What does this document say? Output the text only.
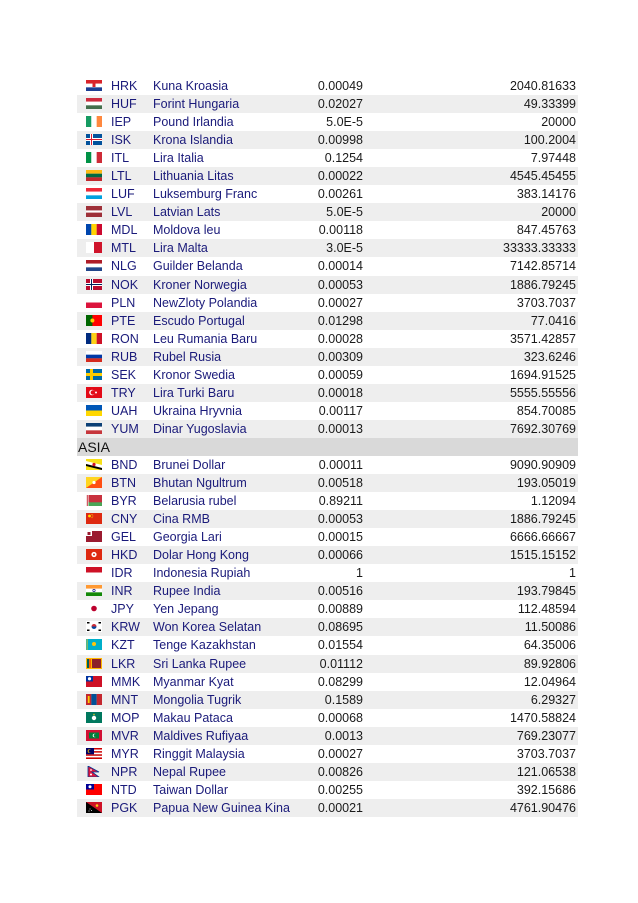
HRK Kuna Kroasia	0.00049	2040.81633
HUF Forint Hungaria	0.02027	49.33399
IEP Pound Irlandia	5.0E-5	20000
ISK Krona Islandia	0.00998	100.2004
ITL Lira Italia	0.1254	7.97448
LTL Lithuania Litas	0.00022	4545.45455
LUF Luksemburg Franc	0.00261	383.14176
LVL Latvian Lats	5.0E-5	20000
MDL Moldova leu	0.00118	847.45763
MTL Lira Malta	3.0E-5	33333.33333
NLG Guilder Belanda	0.00014	7142.85714
NOK Kroner Norwegia	0.00053	1886.79245
PLN NewZloty Polandia	0.00027	3703.7037
PTE Escudo Portugal	0.01298	77.0416
RON Leu Rumania Baru	0.00028	3571.42857
RUB Rubel Rusia	0.00309	323.6246
SEK Kronor Swedia	0.00059	1694.91525
TRY Lira Turki Baru	0.00018	5555.55556
UAH Ukraina Hryvnia	0.00117	854.70085
YUM Dinar Yugoslavia	0.00013	7692.30769
ASIA
BND Brunei Dollar	0.00011	9090.90909
BTN Bhutan Ngultrum	0.00518	193.05019
BYR Belarusia rubel	0.89211	1.12094
CNY Cina RMB	0.00053	1886.79245
GEL Georgia Lari	0.00015	6666.66667
HKD Dolar Hong Kong	0.00066	1515.15152
IDR Indonesia Rupiah	1	1
INR Rupee India	0.00516	193.79845
JPY Yen Jepang	0.00889	112.48594
KRW Won Korea Selatan	0.08695	11.50086
KZT Tenge Kazakhstan	0.01554	64.35006
LKR Sri Lanka Rupee	0.01112	89.92806
MMK Myanmar Kyat	0.08299	12.04964
MNT Mongolia Tugrik	0.1589	6.29327
MOP Makau Pataca	0.00068	1470.58824
MVR Maldives Rufiyaa	0.0013	769.23077
MYR Ringgit Malaysia	0.00027	3703.7037
NPR Nepal Rupee	0.00826	121.06538
NTD Taiwan Dollar	0.00255	392.15686
PGK Papua New Guinea Kina 0.00021	4761.90476
